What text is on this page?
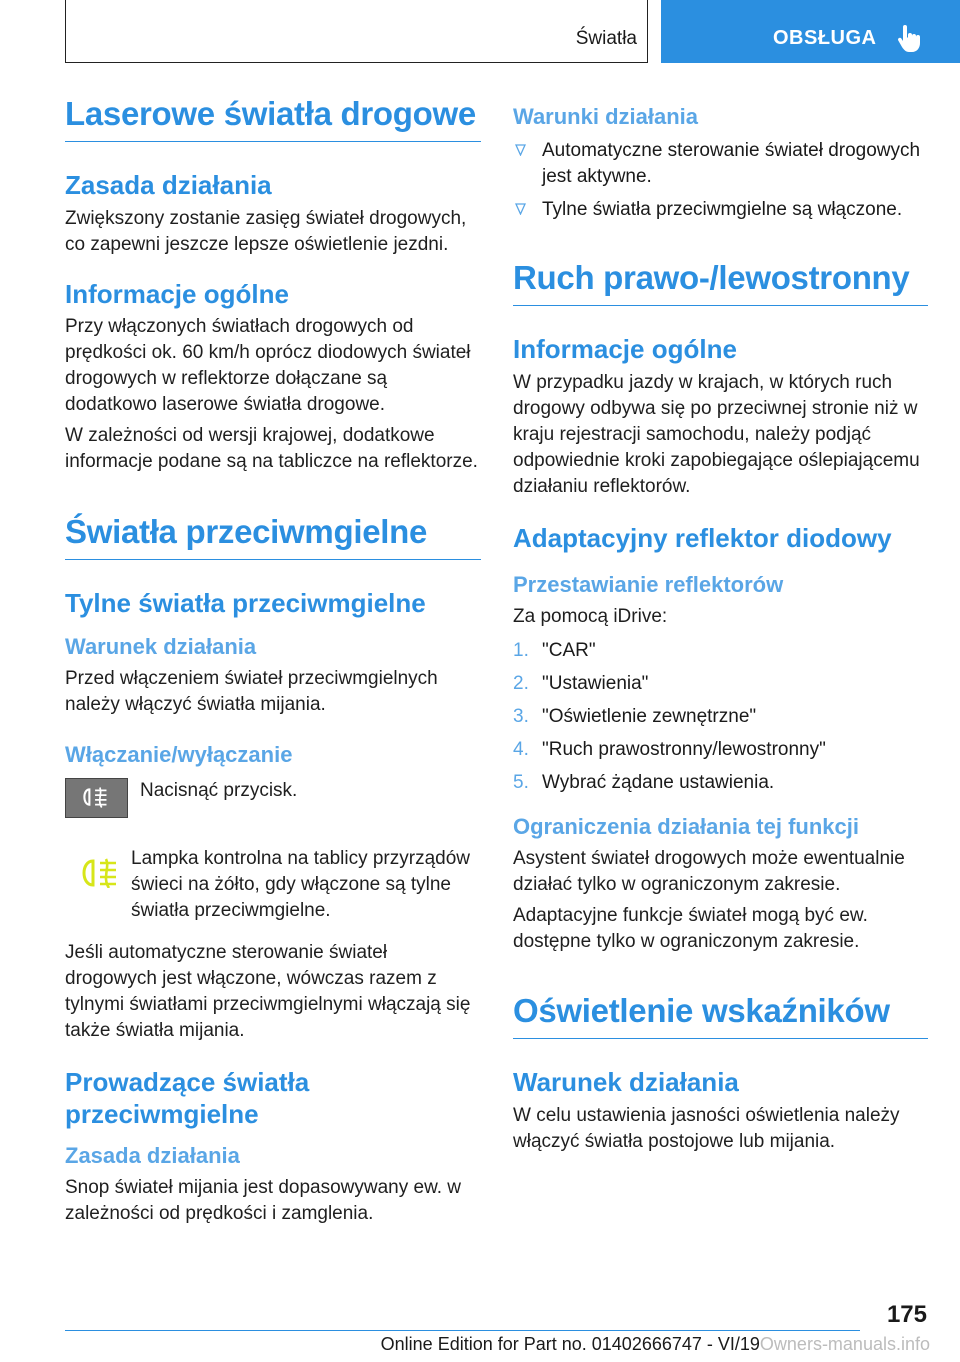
Światła	OBSŁUGA
Laserowe światła drogowe
Zasada działania

Zwiększony zostanie zasięg świateł drogowych, co zapewni jeszcze lepsze oświetlenie jezdni.

Informacje ogólne

Przy włączonych światłach drogowych od prędkości ok. 60 km/h oprócz diodowych świateł drogowych w reflektorze dołączane są dodatkowo laserowe światła drogowe.

W zależności od wersji krajowej, dodatkowe informacje podane są na tabliczce na reflektorze.

Światła przeciwmgielne
Tylne światła przeciwmgielne
Warunek działania

Przed włączeniem świateł przeciwmgielnych należy włączyć światła mijania.

Włączanie/wyłączanie

Nacisnąć przycisk.

Lampka kontrolna na tablicy przyrządów świeci na żółto, gdy włączone są tylne światła przeciwmgielne.

Jeśli automatyczne sterowanie świateł drogowych jest włączone, wówczas razem z tylnymi światłami przeciwmgielnymi włączają się także światła mijania.

Prowadzące światła przeciwmgielne
Zasada działania

Snop świateł mijania jest dopasowywany ew. w zależności od prędkości i zamglenia.

Warunki działania
Automatyczne sterowanie świateł drogowych jest aktywne.
Tylne światła przeciwmgielne są włączone.
Ruch prawo-/lewostronny
Informacje ogólne

W przypadku jazdy w krajach, w których ruch drogowy odbywa się po przeciwnej stronie niż w kraju rejestracji samochodu, należy podjąć odpowiednie kroki zapobiegające oślepiającemu działaniu reflektorów.

Adaptacyjny reflektor diodowy
Przestawianie reflektorów

Za pomocą iDrive:

1. "CAR"
2. "Ustawienia"
3. "Oświetlenie zewnętrzne"
4. "Ruch prawostronny/lewostronny"
5. Wybrać żądane ustawienia.
Ograniczenia działania tej funkcji

Asystent świateł drogowych może ewentualnie działać tylko w ograniczonym zakresie.

Adaptacyjne funkcje świateł mogą być ew. dostępne tylko w ograniczonym zakresie.

Oświetlenie wskaźników
Warunek działania

W celu ustawienia jasności oświetlenia należy włączyć światła postojowe lub mijania.

175
Online Edition for Part no. 01402666747 - VI/19Owners-manuals.info
